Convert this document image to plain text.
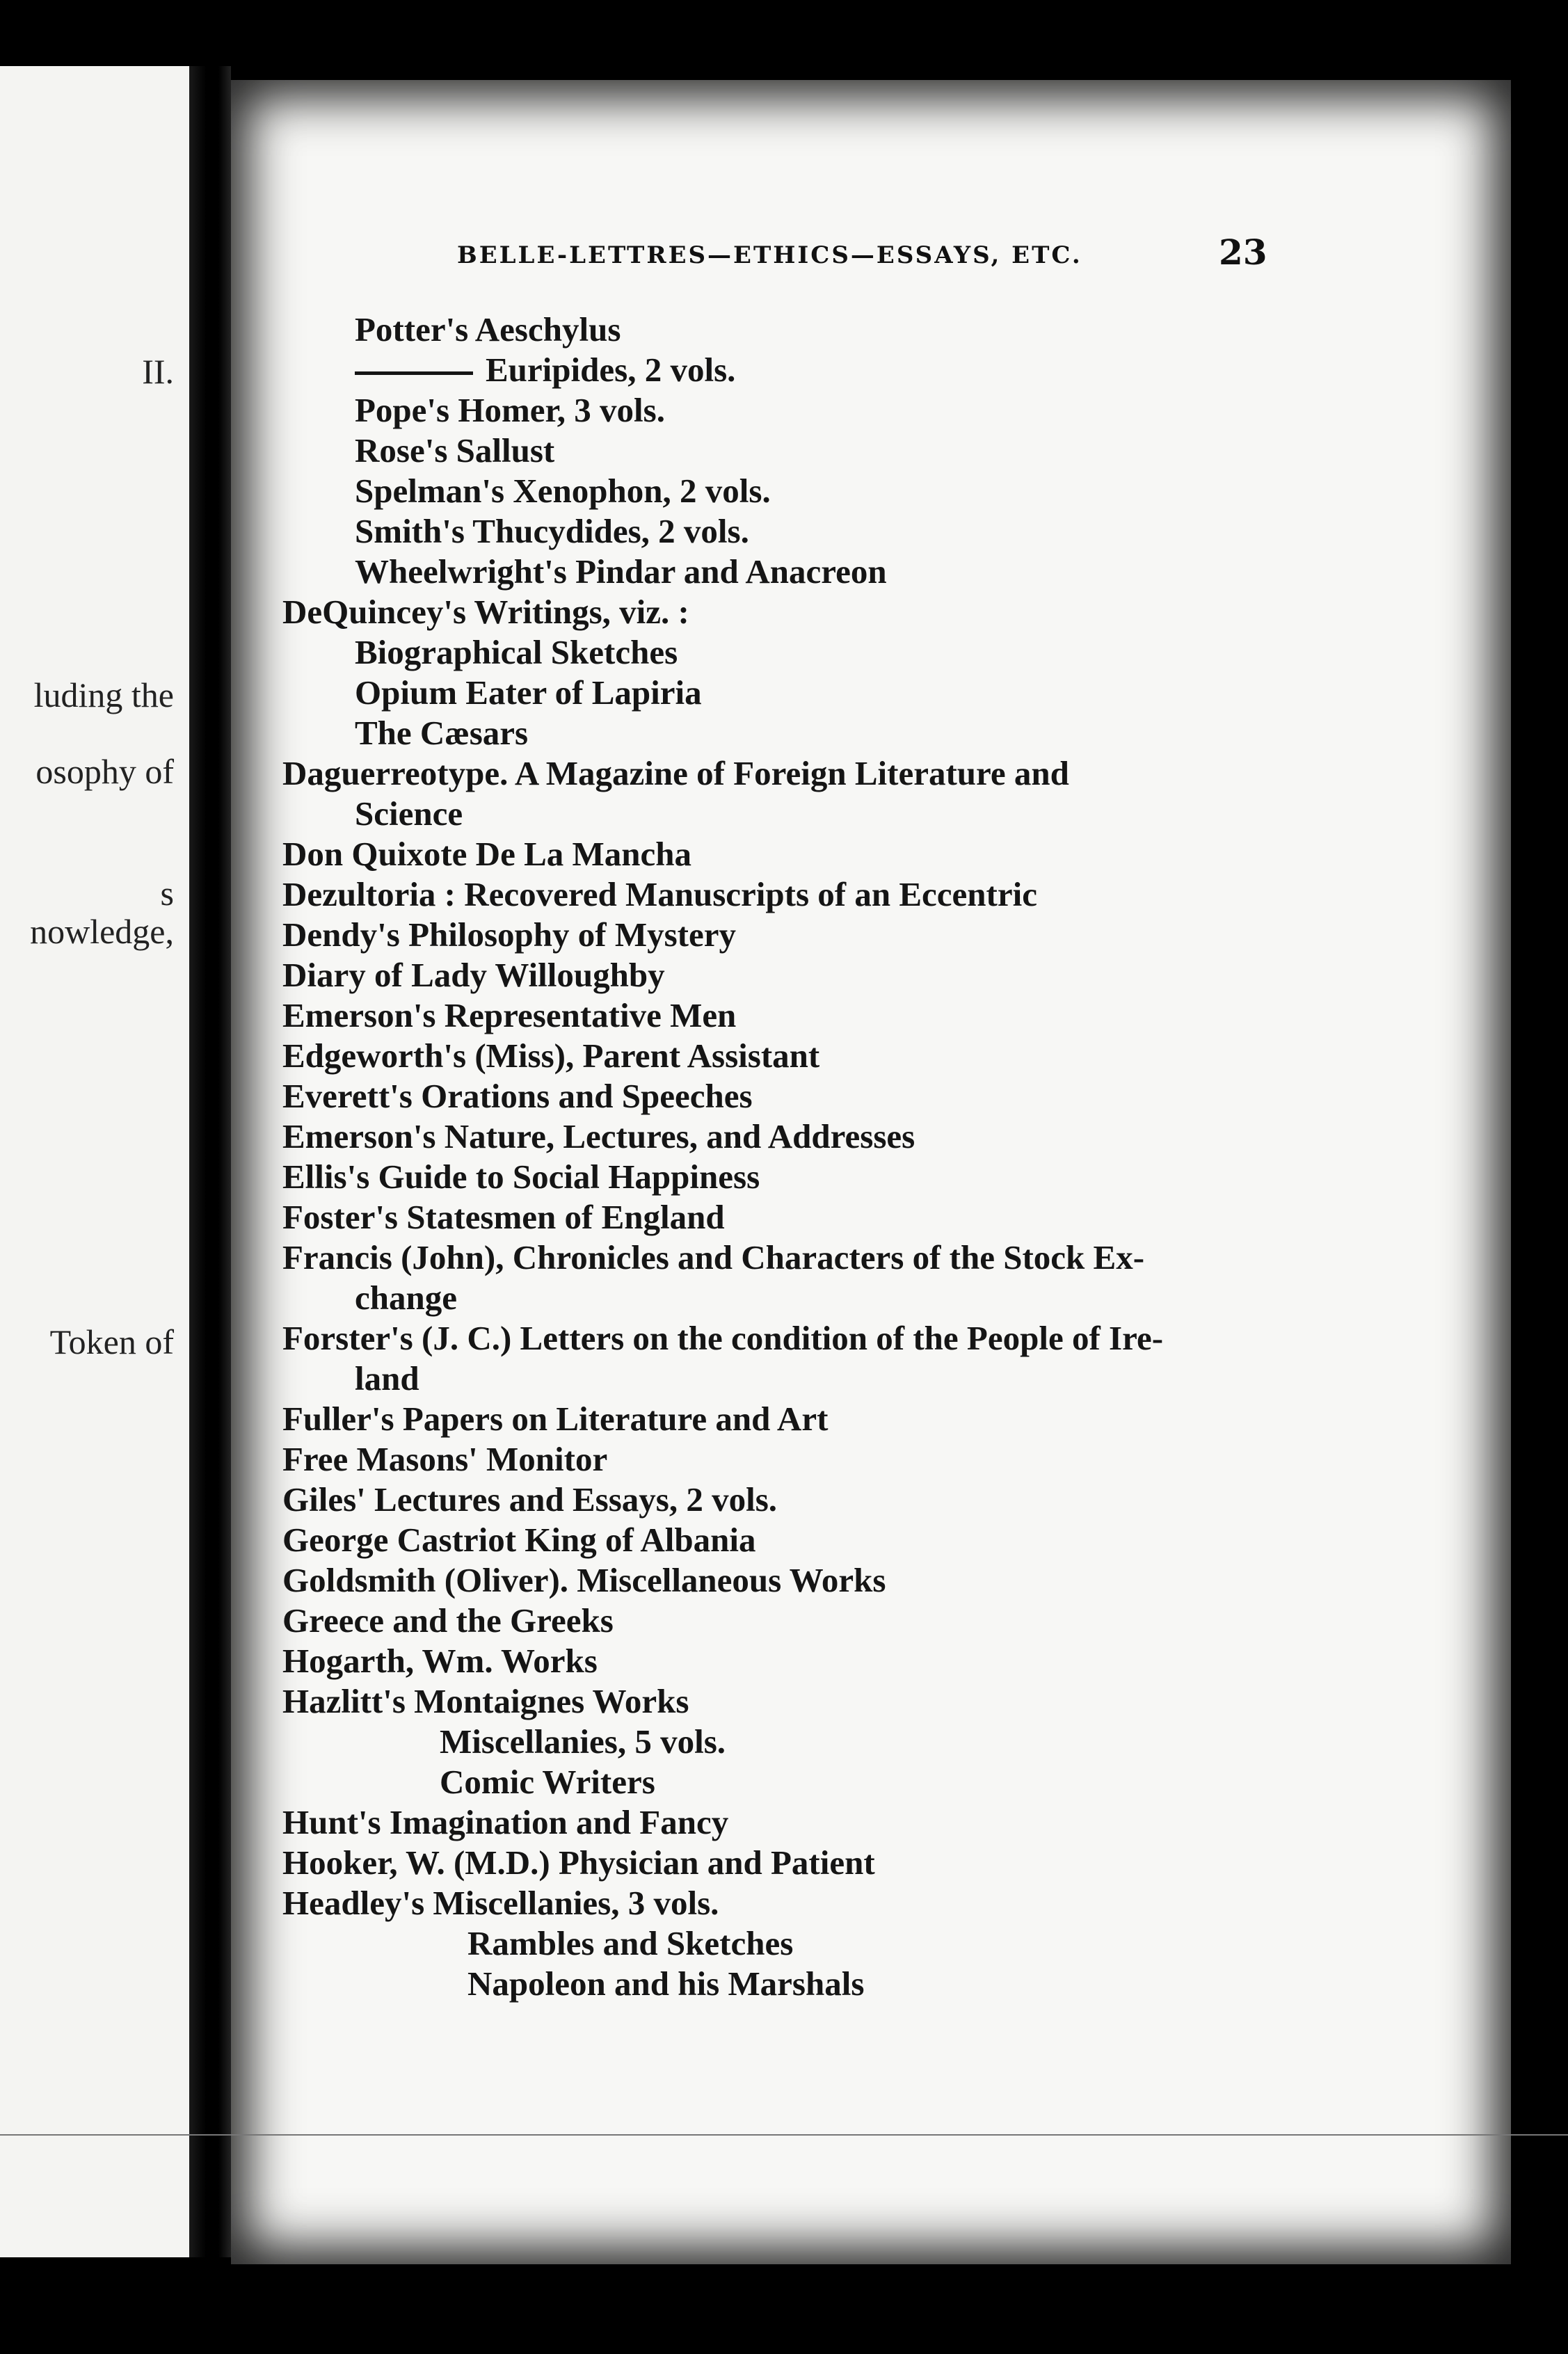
II.
luding the
osophy of
s
nowledge,
Token of
BELLE-LETTRES—ETHICS—ESSAYS, ETC.	23
Potter's Aeschylus
Euripides, 2 vols.
Pope's Homer, 3 vols.
Rose's Sallust
Spelman's Xenophon, 2 vols.
Smith's Thucydides, 2 vols.
Wheelwright's Pindar and Anacreon
DeQuincey's Writings, viz. :
Biographical Sketches
Opium Eater of Lapiria
The Cæsars
Daguerreotype. A Magazine of Foreign Literature and
Science
Don Quixote De La Mancha
Dezultoria : Recovered Manuscripts of an Eccentric
Dendy's Philosophy of Mystery
Diary of Lady Willoughby
Emerson's Representative Men
Edgeworth's (Miss), Parent Assistant
Everett's Orations and Speeches
Emerson's Nature, Lectures, and Addresses
Ellis's Guide to Social Happiness
Foster's Statesmen of England
Francis (John), Chronicles and Characters of the Stock Ex-
change
Forster's (J. C.) Letters on the condition of the People of Ire-
land
Fuller's Papers on Literature and Art
Free Masons' Monitor
Giles' Lectures and Essays, 2 vols.
George Castriot King of Albania
Goldsmith (Oliver). Miscellaneous Works
Greece and the Greeks
Hogarth, Wm. Works
Hazlitt's Montaignes Works
Miscellanies, 5 vols.
Comic Writers
Hunt's Imagination and Fancy
Hooker, W. (M.D.) Physician and Patient
Headley's Miscellanies, 3 vols.
Rambles and Sketches
Napoleon and his Marshals
